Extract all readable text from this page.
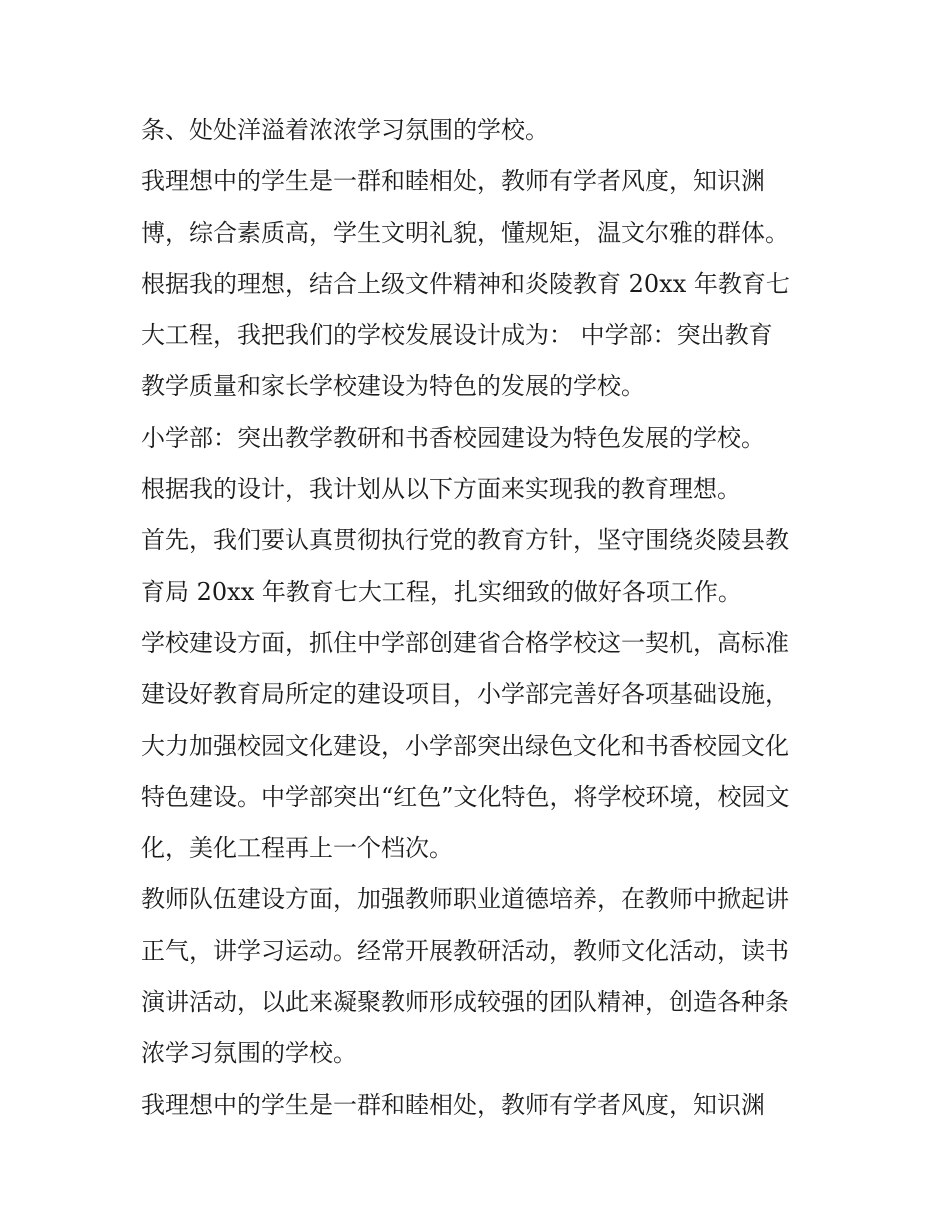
条、处处洋溢着浓浓学习氛围的学校。
我理想中的学生是一群和睦相处，教师有学者风度，知识渊
博，综合素质高，学生文明礼貌，懂规矩，温文尔雅的群体。
根据我的理想，结合上级文件精神和炎陵教育 20xx 年教育七
大工程，我把我们的学校发展设计成为： 中学部：突出教育
教学质量和家长学校建设为特色的发展的学校。
小学部：突出教学教研和书香校园建设为特色发展的学校。
根据我的设计，我计划从以下方面来实现我的教育理想。
首先，我们要认真贯彻执行党的教育方针，坚守围绕炎陵县教
育局 20xx 年教育七大工程，扎实细致的做好各项工作。
学校建设方面，抓住中学部创建省合格学校这一契机，高标准
建设好教育局所定的建设项目，小学部完善好各项基础设施，
大力加强校园文化建设，小学部突出绿色文化和书香校园文化
特色建设。中学部突出“红色”文化特色，将学校环境，校园文
化，美化工程再上一个档次。
教师队伍建设方面，加强教师职业道德培养，在教师中掀起讲
正气，讲学习运动。经常开展教研活动，教师文化活动，读书
演讲活动，以此来凝聚教师形成较强的团队精神，创造各种条
浓学习氛围的学校。
我理想中的学生是一群和睦相处，教师有学者风度，知识渊
